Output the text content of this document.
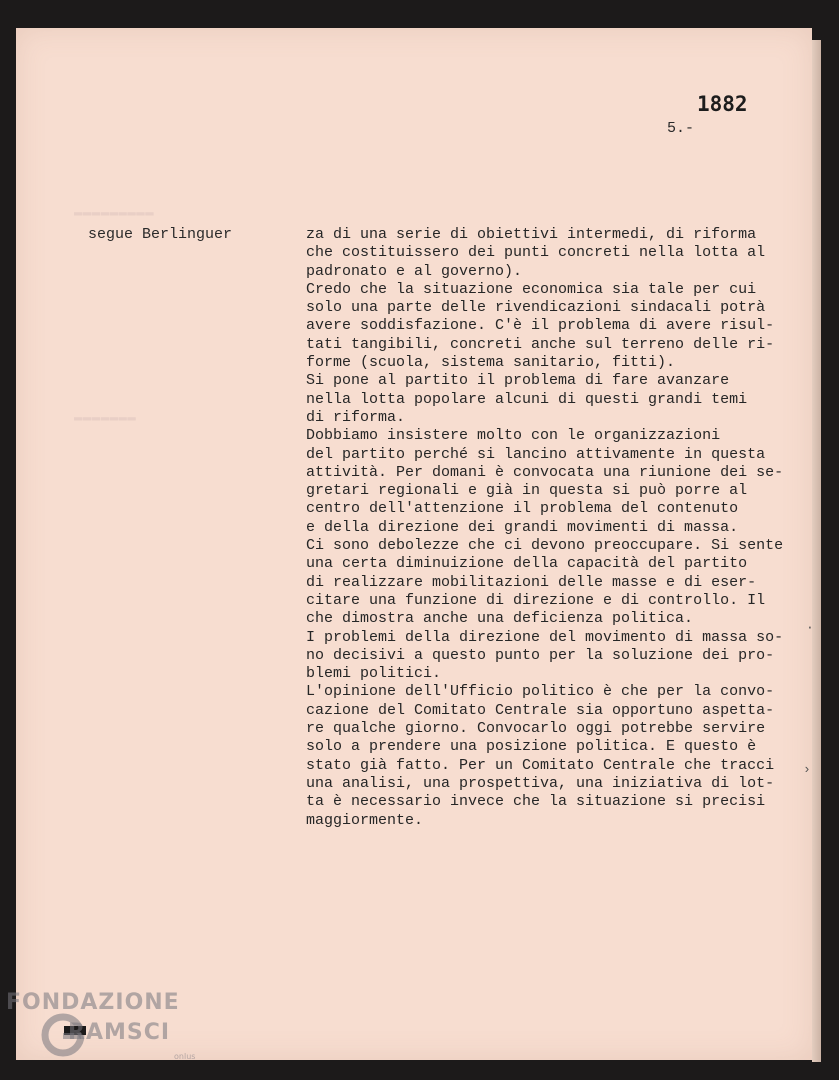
▬▬▬▬▬▬▬▬▬
▬▬▬▬▬▬▬
1882
5.-
segue Berlinguer	za di una serie di obiettivi intermedi, di riforma
che costituissero dei punti concreti nella lotta al
padronato e al governo).
Credo che la situazione economica sia tale per cui
solo una parte delle rivendicazioni sindacali potrà
avere soddisfazione. C'è il problema di avere risul-
tati tangibili, concreti anche sul terreno delle ri-
forme (scuola, sistema sanitario, fitti).
Si pone al partito il problema di fare avanzare
nella lotta popolare alcuni di questi grandi temi
di riforma.
Dobbiamo insistere molto con le organizzazioni
del partito perché si lancino attivamente in questa
attività. Per domani è convocata una riunione dei se-
gretari regionali e già in questa si può porre al
centro dell'attenzione il problema del contenuto
e della direzione dei grandi movimenti di massa.
Ci sono debolezze che ci devono preoccupare. Si sente
una certa diminuizione della capacità del partito
di realizzare mobilitazioni delle masse e di eser-
citare una funzione di direzione e di controllo. Il
che dimostra anche una deficienza politica.
I problemi della direzione del movimento di massa so-
no decisivi a questo punto per la soluzione dei pro-
blemi politici.
L'opinione dell'Ufficio politico è che per la convo-
cazione del Comitato Centrale sia opportuno aspetta-
re qualche giorno. Convocarlo oggi potrebbe servire
solo a prendere una posizione politica. E questo è
stato già fatto. Per un Comitato Centrale che tracci
una analisi, una prospettiva, una iniziativa di lot-
ta è necessario invece che la situazione si precisi
maggiormente.
·
›
FONDAZIONE
RAMSCI
onlus
